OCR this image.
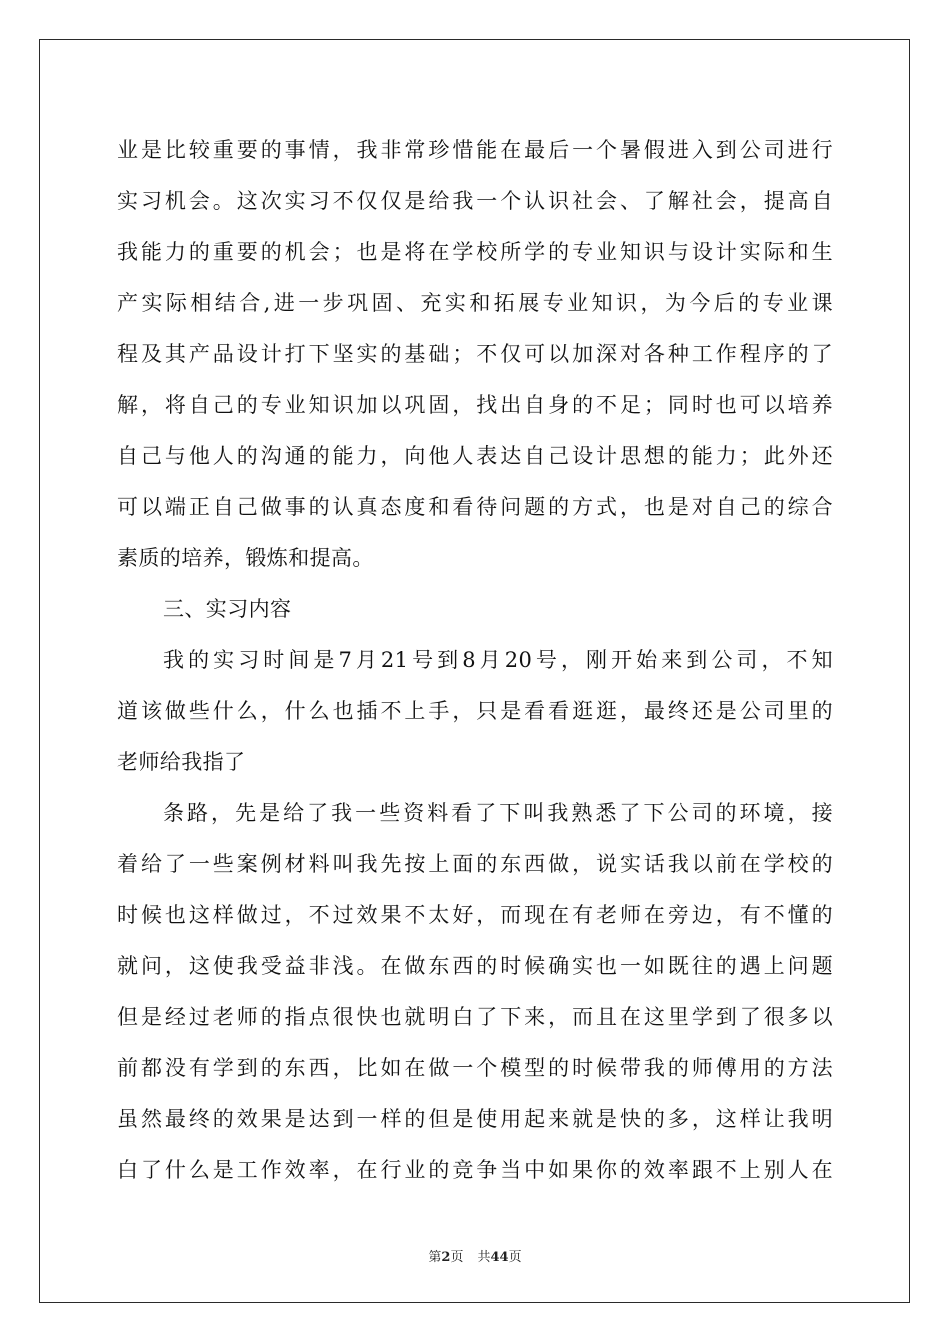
业是比较重要的事情，我非常珍惜能在最后一个暑假进入到公司进行
实习机会。这次实习不仅仅是给我一个认识社会、了解社会，提高自
我能力的重要的机会；也是将在学校所学的专业知识与设计实际和生
产实际相结合,进一步巩固、充实和拓展专业知识，为今后的专业课
程及其产品设计打下坚实的基础；不仅可以加深对各种工作程序的了
解，将自己的专业知识加以巩固，找出自身的不足；同时也可以培养
自己与他人的沟通的能力，向他人表达自己设计思想的能力；此外还
可以端正自己做事的认真态度和看待问题的方式，也是对自己的综合
素质的培养，锻炼和提高。
三、实习内容
我的实习时间是7月21号到8月20号，刚开始来到公司，不知
道该做些什么，什么也插不上手，只是看看逛逛，最终还是公司里的
老师给我指了
条路，先是给了我一些资料看了下叫我熟悉了下公司的环境，接
着给了一些案例材料叫我先按上面的东西做，说实话我以前在学校的
时候也这样做过，不过效果不太好，而现在有老师在旁边，有不懂的
就问，这使我受益非浅。在做东西的时候确实也一如既往的遇上问题
但是经过老师的指点很快也就明白了下来，而且在这里学到了很多以
前都没有学到的东西，比如在做一个模型的时候带我的师傅用的方法
虽然最终的效果是达到一样的但是使用起来就是快的多，这样让我明
白了什么是工作效率，在行业的竞争当中如果你的效率跟不上别人在
第2页 共44页
